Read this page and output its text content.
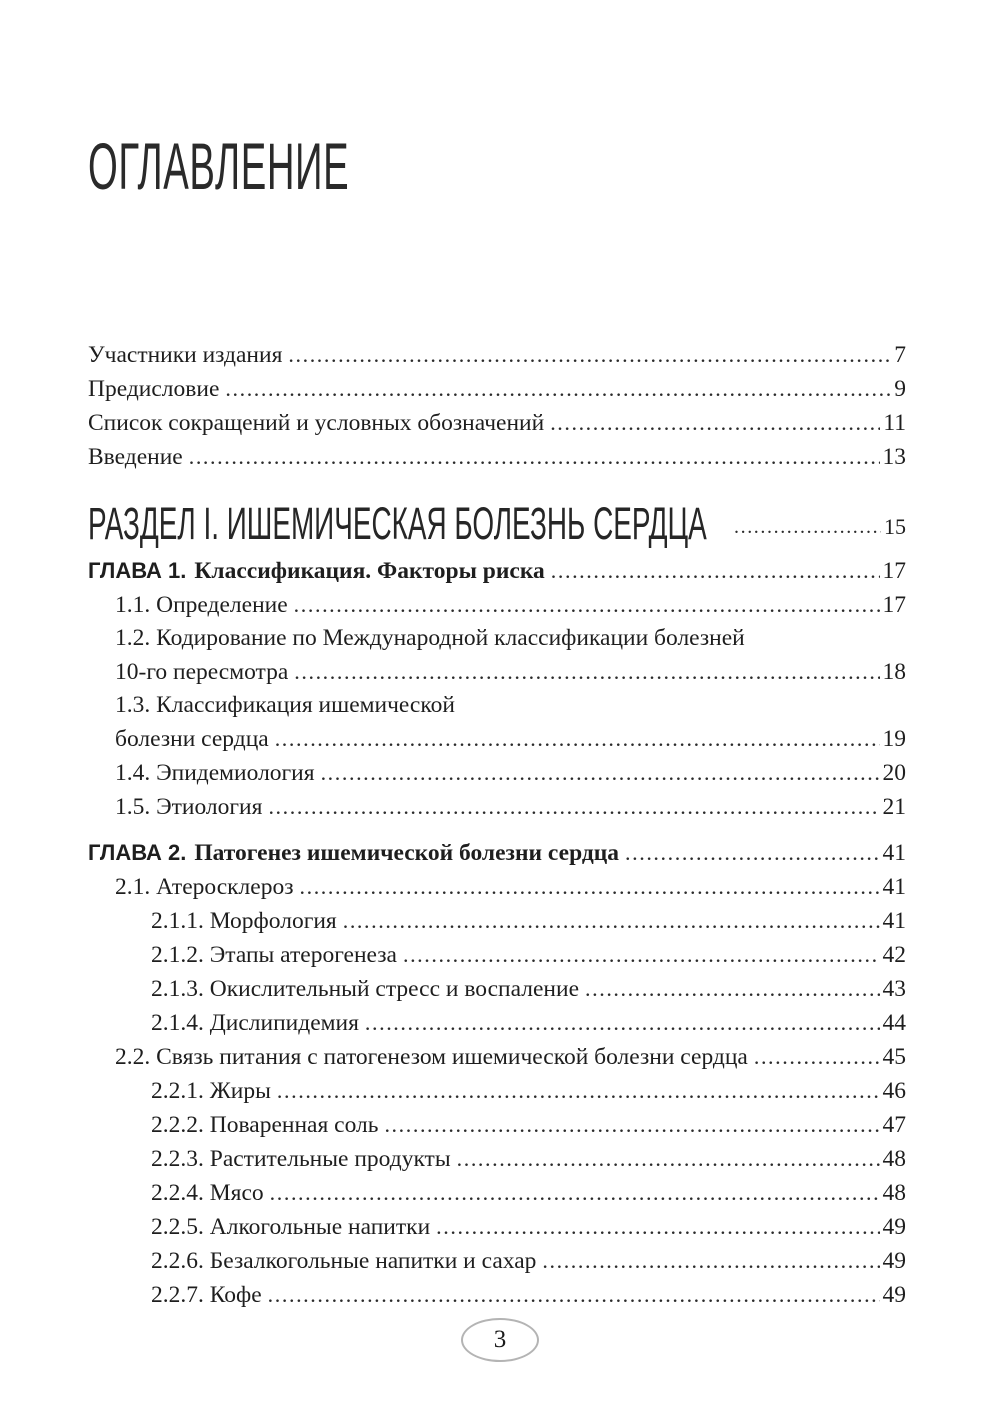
ОГЛАВЛЕНИЕ
Участники издания .....	7
Предисловие .....	9
Список сокращений и условных обозначений .....	11
Введение .....	13
РАЗДЕЛ I. ИШЕМИЧЕСКАЯ БОЛЕЗНЬ СЕРДЦА .....	15
ГЛАВА 1. Классификация. Факторы риска .....	17
1.1. Определение .....	17
1.2. Кодирование по Международной классификации болезней
10-го пересмотра .....	18
1.3. Классификация ишемической
болезни сердца .....	19
1.4. Эпидемиология .....	20
1.5. Этиология .....	21
ГЛАВА 2. Патогенез ишемической болезни сердца .....	41
2.1. Атеросклероз .....	41
2.1.1. Морфология .....	41
2.1.2. Этапы атерогенеза .....	42
2.1.3. Окислительный стресс и воспаление .....	43
2.1.4. Дислипидемия .....	44
2.2. Связь питания с патогенезом ишемической болезни сердца .....	45
2.2.1. Жиры .....	46
2.2.2. Поваренная соль .....	47
2.2.3. Растительные продукты .....	48
2.2.4. Мясо .....	48
2.2.5. Алкогольные напитки .....	49
2.2.6. Безалкогольные напитки и сахар .....	49
2.2.7. Кофе .....	49
3
